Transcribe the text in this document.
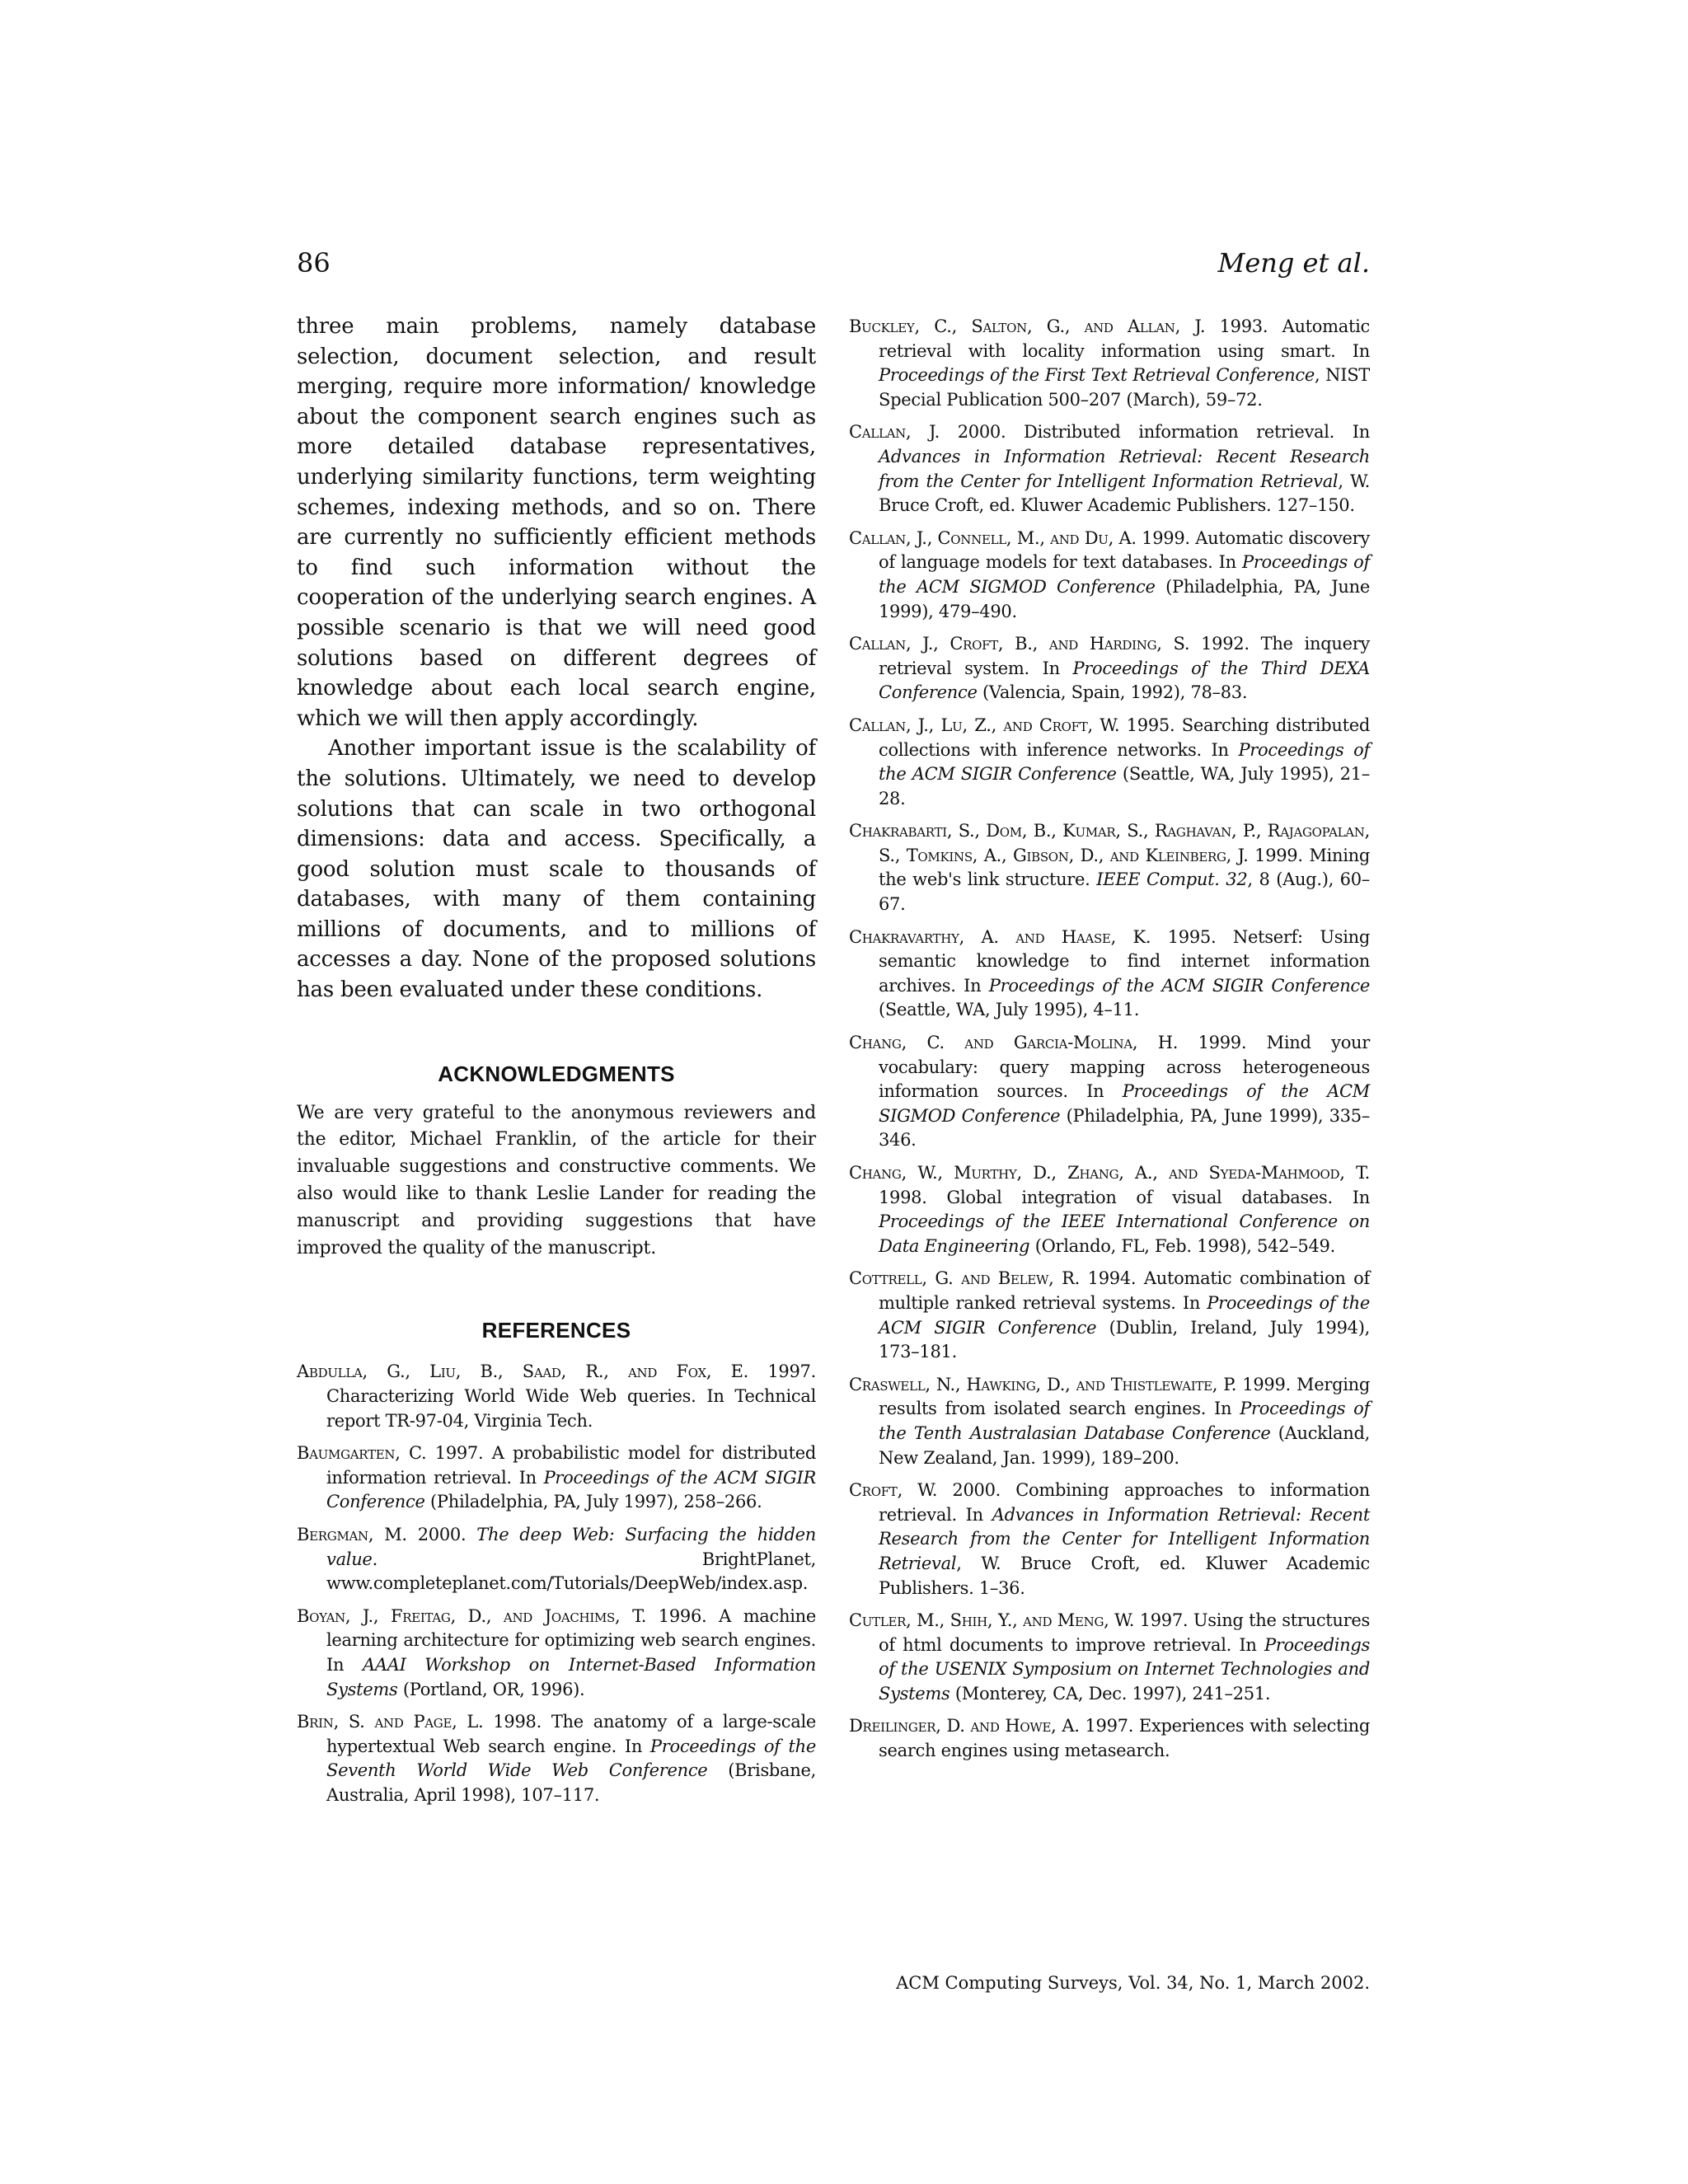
86	Meng et al.

three main problems, namely database selection, document selection, and result merging, require more information/ knowledge about the component search engines such as more detailed database representatives, underlying similarity functions, term weighting schemes, indexing methods, and so on. There are currently no sufficiently efficient methods to find such information without the cooperation of the underlying search engines. A possible scenario is that we will need good solutions based on different degrees of knowledge about each local search engine, which we will then apply accordingly.

Another important issue is the scalability of the solutions. Ultimately, we need to develop solutions that can scale in two orthogonal dimensions: data and access. Specifically, a good solution must scale to thousands of databases, with many of them containing millions of documents, and to millions of accesses a day. None of the proposed solutions has been evaluated under these conditions.

ACKNOWLEDGMENTS

We are very grateful to the anonymous reviewers and the editor, Michael Franklin, of the article for their invaluable suggestions and constructive comments. We also would like to thank Leslie Lander for reading the manuscript and providing suggestions that have improved the quality of the manuscript.

REFERENCES

Abdulla, G., Liu, B., Saad, R., and Fox, E. 1997. Characterizing World Wide Web queries. In Technical report TR-97-04, Virginia Tech.

Baumgarten, C. 1997. A probabilistic model for distributed information retrieval. In Proceedings of the ACM SIGIR Conference (Philadelphia, PA, July 1997), 258–266.

Bergman, M. 2000. The deep Web: Surfacing the hidden value. BrightPlanet, www.completeplanet.com/Tutorials/DeepWeb/index.asp.

Boyan, J., Freitag, D., and Joachims, T. 1996. A machine learning architecture for optimizing web search engines. In AAAI Workshop on Internet-Based Information Systems (Portland, OR, 1996).

Brin, S. and Page, L. 1998. The anatomy of a large-scale hypertextual Web search engine. In Proceedings of the Seventh World Wide Web Conference (Brisbane, Australia, April 1998), 107–117.

Buckley, C., Salton, G., and Allan, J. 1993. Automatic retrieval with locality information using smart. In Proceedings of the First Text Retrieval Conference, NIST Special Publication 500–207 (March), 59–72.

Callan, J. 2000. Distributed information retrieval. In Advances in Information Retrieval: Recent Research from the Center for Intelligent Information Retrieval, W. Bruce Croft, ed. Kluwer Academic Publishers. 127–150.

Callan, J., Connell, M., and Du, A. 1999. Automatic discovery of language models for text databases. In Proceedings of the ACM SIGMOD Conference (Philadelphia, PA, June 1999), 479–490.

Callan, J., Croft, B., and Harding, S. 1992. The inquery retrieval system. In Proceedings of the Third DEXA Conference (Valencia, Spain, 1992), 78–83.

Callan, J., Lu, Z., and Croft, W. 1995. Searching distributed collections with inference networks. In Proceedings of the ACM SIGIR Conference (Seattle, WA, July 1995), 21–28.

Chakrabarti, S., Dom, B., Kumar, S., Raghavan, P., Rajagopalan, S., Tomkins, A., Gibson, D., and Kleinberg, J. 1999. Mining the web's link structure. IEEE Comput. 32, 8 (Aug.), 60–67.

Chakravarthy, A. and Haase, K. 1995. Netserf: Using semantic knowledge to find internet information archives. In Proceedings of the ACM SIGIR Conference (Seattle, WA, July 1995), 4–11.

Chang, C. and Garcia-Molina, H. 1999. Mind your vocabulary: query mapping across heterogeneous information sources. In Proceedings of the ACM SIGMOD Conference (Philadelphia, PA, June 1999), 335–346.

Chang, W., Murthy, D., Zhang, A., and Syeda-Mahmood, T. 1998. Global integration of visual databases. In Proceedings of the IEEE International Conference on Data Engineering (Orlando, FL, Feb. 1998), 542–549.

Cottrell, G. and Belew, R. 1994. Automatic combination of multiple ranked retrieval systems. In Proceedings of the ACM SIGIR Conference (Dublin, Ireland, July 1994), 173–181.

Craswell, N., Hawking, D., and Thistlewaite, P. 1999. Merging results from isolated search engines. In Proceedings of the Tenth Australasian Database Conference (Auckland, New Zealand, Jan. 1999), 189–200.

Croft, W. 2000. Combining approaches to information retrieval. In Advances in Information Retrieval: Recent Research from the Center for Intelligent Information Retrieval, W. Bruce Croft, ed. Kluwer Academic Publishers. 1–36.

Cutler, M., Shih, Y., and Meng, W. 1997. Using the structures of html documents to improve retrieval. In Proceedings of the USENIX Symposium on Internet Technologies and Systems (Monterey, CA, Dec. 1997), 241–251.

Dreilinger, D. and Howe, A. 1997. Experiences with selecting search engines using metasearch.

ACM Computing Surveys, Vol. 34, No. 1, March 2002.
